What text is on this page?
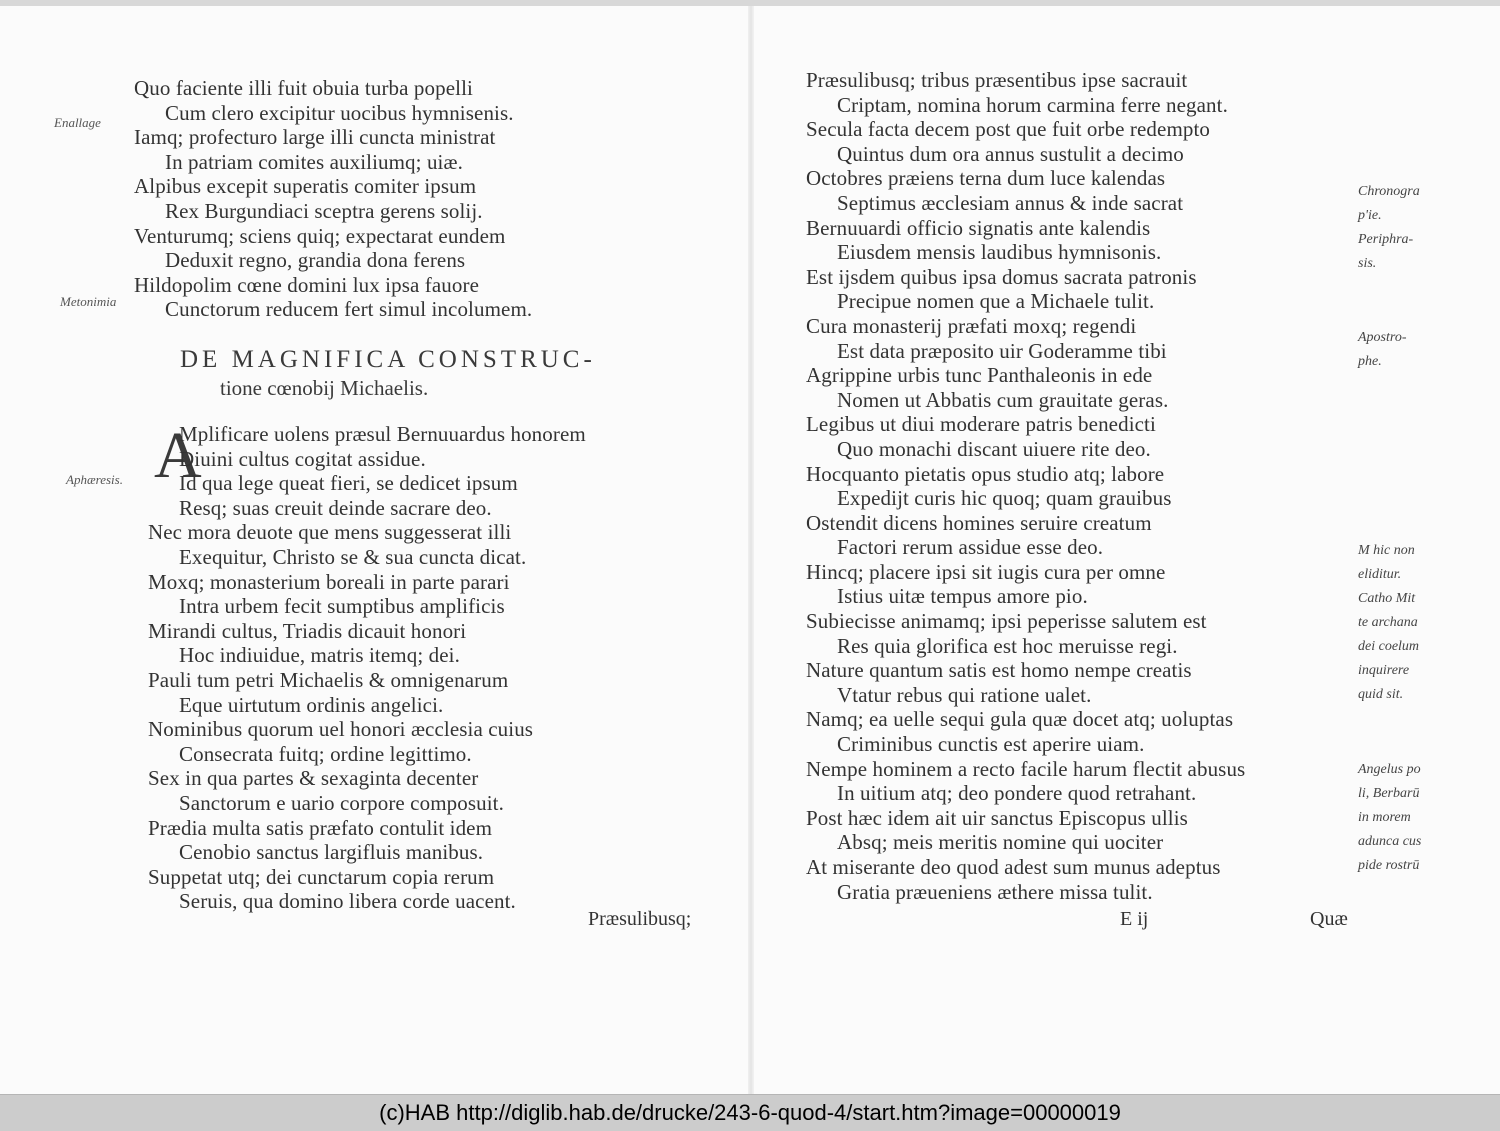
Quo faciente illi fuit obuia turba popelli
Cum clero excipitur uocibus hymnisenis.
Iamq; profecturo large illi cuncta ministrat
In patriam comites auxiliumq; uiæ.
Alpibus excepit superatis comiter ipsum
Rex Burgundiaci sceptra gerens solij.
Venturumq; sciens quiq; expectarat eundem
Deduxit regno, grandia dona ferens
Hildopolim cœne domini lux ipsa fauore
Cunctorum reducem fert simul incolumem.
Enallage
Metonimia
DE MAGNIFICA CONSTRUC-
tione cœnobij Michaelis.
A
Aphæresis.
Mplificare uolens præsul Bernuuardus honorem
Diuini cultus cogitat assidue.
Id qua lege queat fieri, se dedicet ipsum
Resq; suas creuit deinde sacrare deo.
Nec mora deuote que mens suggesserat illi
Exequitur, Christo se & sua cuncta dicat.
Moxq; monasterium boreali in parte parari
Intra urbem fecit sumptibus amplificis
Mirandi cultus, Triadis dicauit honori
Hoc indiuidue, matris itemq; dei.
Pauli tum petri Michaelis & omnigenarum
Eque uirtutum ordinis angelici.
Nominibus quorum uel honori æcclesia cuius
Consecrata fuitq; ordine legittimo.
Sex in qua partes & sexaginta decenter
Sanctorum e uario corpore composuit.
Prædia multa satis præfato contulit idem
Cenobio sanctus largifluis manibus.
Suppetat utq; dei cunctarum copia rerum
Seruis, qua domino libera corde uacent.
Præsulibusq;
Præsulibusq; tribus præsentibus ipse sacrauit
Criptam, nomina horum carmina ferre negant.
Secula facta decem post que fuit orbe redempto
Quintus dum ora annus sustulit a decimo
Octobres præiens terna dum luce kalendas
Septimus æcclesiam annus & inde sacrat
Bernuuardi officio signatis ante kalendis
Eiusdem mensis laudibus hymnisonis.
Est ijsdem quibus ipsa domus sacrata patronis
Precipue nomen que a Michaele tulit.
Cura monasterij præfati moxq; regendi
Est data præposito uir Goderamme tibi
Agrippine urbis tunc Panthaleonis in ede
Nomen ut Abbatis cum grauitate geras.
Legibus ut diui moderare patris benedicti
Quo monachi discant uiuere rite deo.
Hocquanto pietatis opus studio atq; labore
Expedijt curis hic quoq; quam grauibus
Ostendit dicens homines seruire creatum
Factori rerum assidue esse deo.
Hincq; placere ipsi sit iugis cura per omne
Istius uitæ tempus amore pio.
Subiecisse animamq; ipsi peperisse salutem est
Res quia glorifica est hoc meruisse regi.
Nature quantum satis est homo nempe creatis
Vtatur rebus qui ratione ualet.
Namq; ea uelle sequi gula quæ docet atq; uoluptas
Criminibus cunctis est aperire uiam.
Nempe hominem a recto facile harum flectit abusus
In uitium atq; deo pondere quod retrahant.
Post hæc idem ait uir sanctus Episcopus ullis
Absq; meis meritis nomine qui uociter
At miserante deo quod adest sum munus adeptus
Gratia præueniens æthere missa tulit.
Chronogra
p'ie.
Periphra-
sis.
Apostro-
phe.
M hic non
eliditur.
Catho Mit
te archana
dei coelum
inquirere
quid sit.
Angelus po
li, Berbarū
in morem
adunca cus
pide rostrū
E ij	Quæ
(c)HAB http://diglib.hab.de/drucke/243-6-quod-4/start.htm?image=00000019
